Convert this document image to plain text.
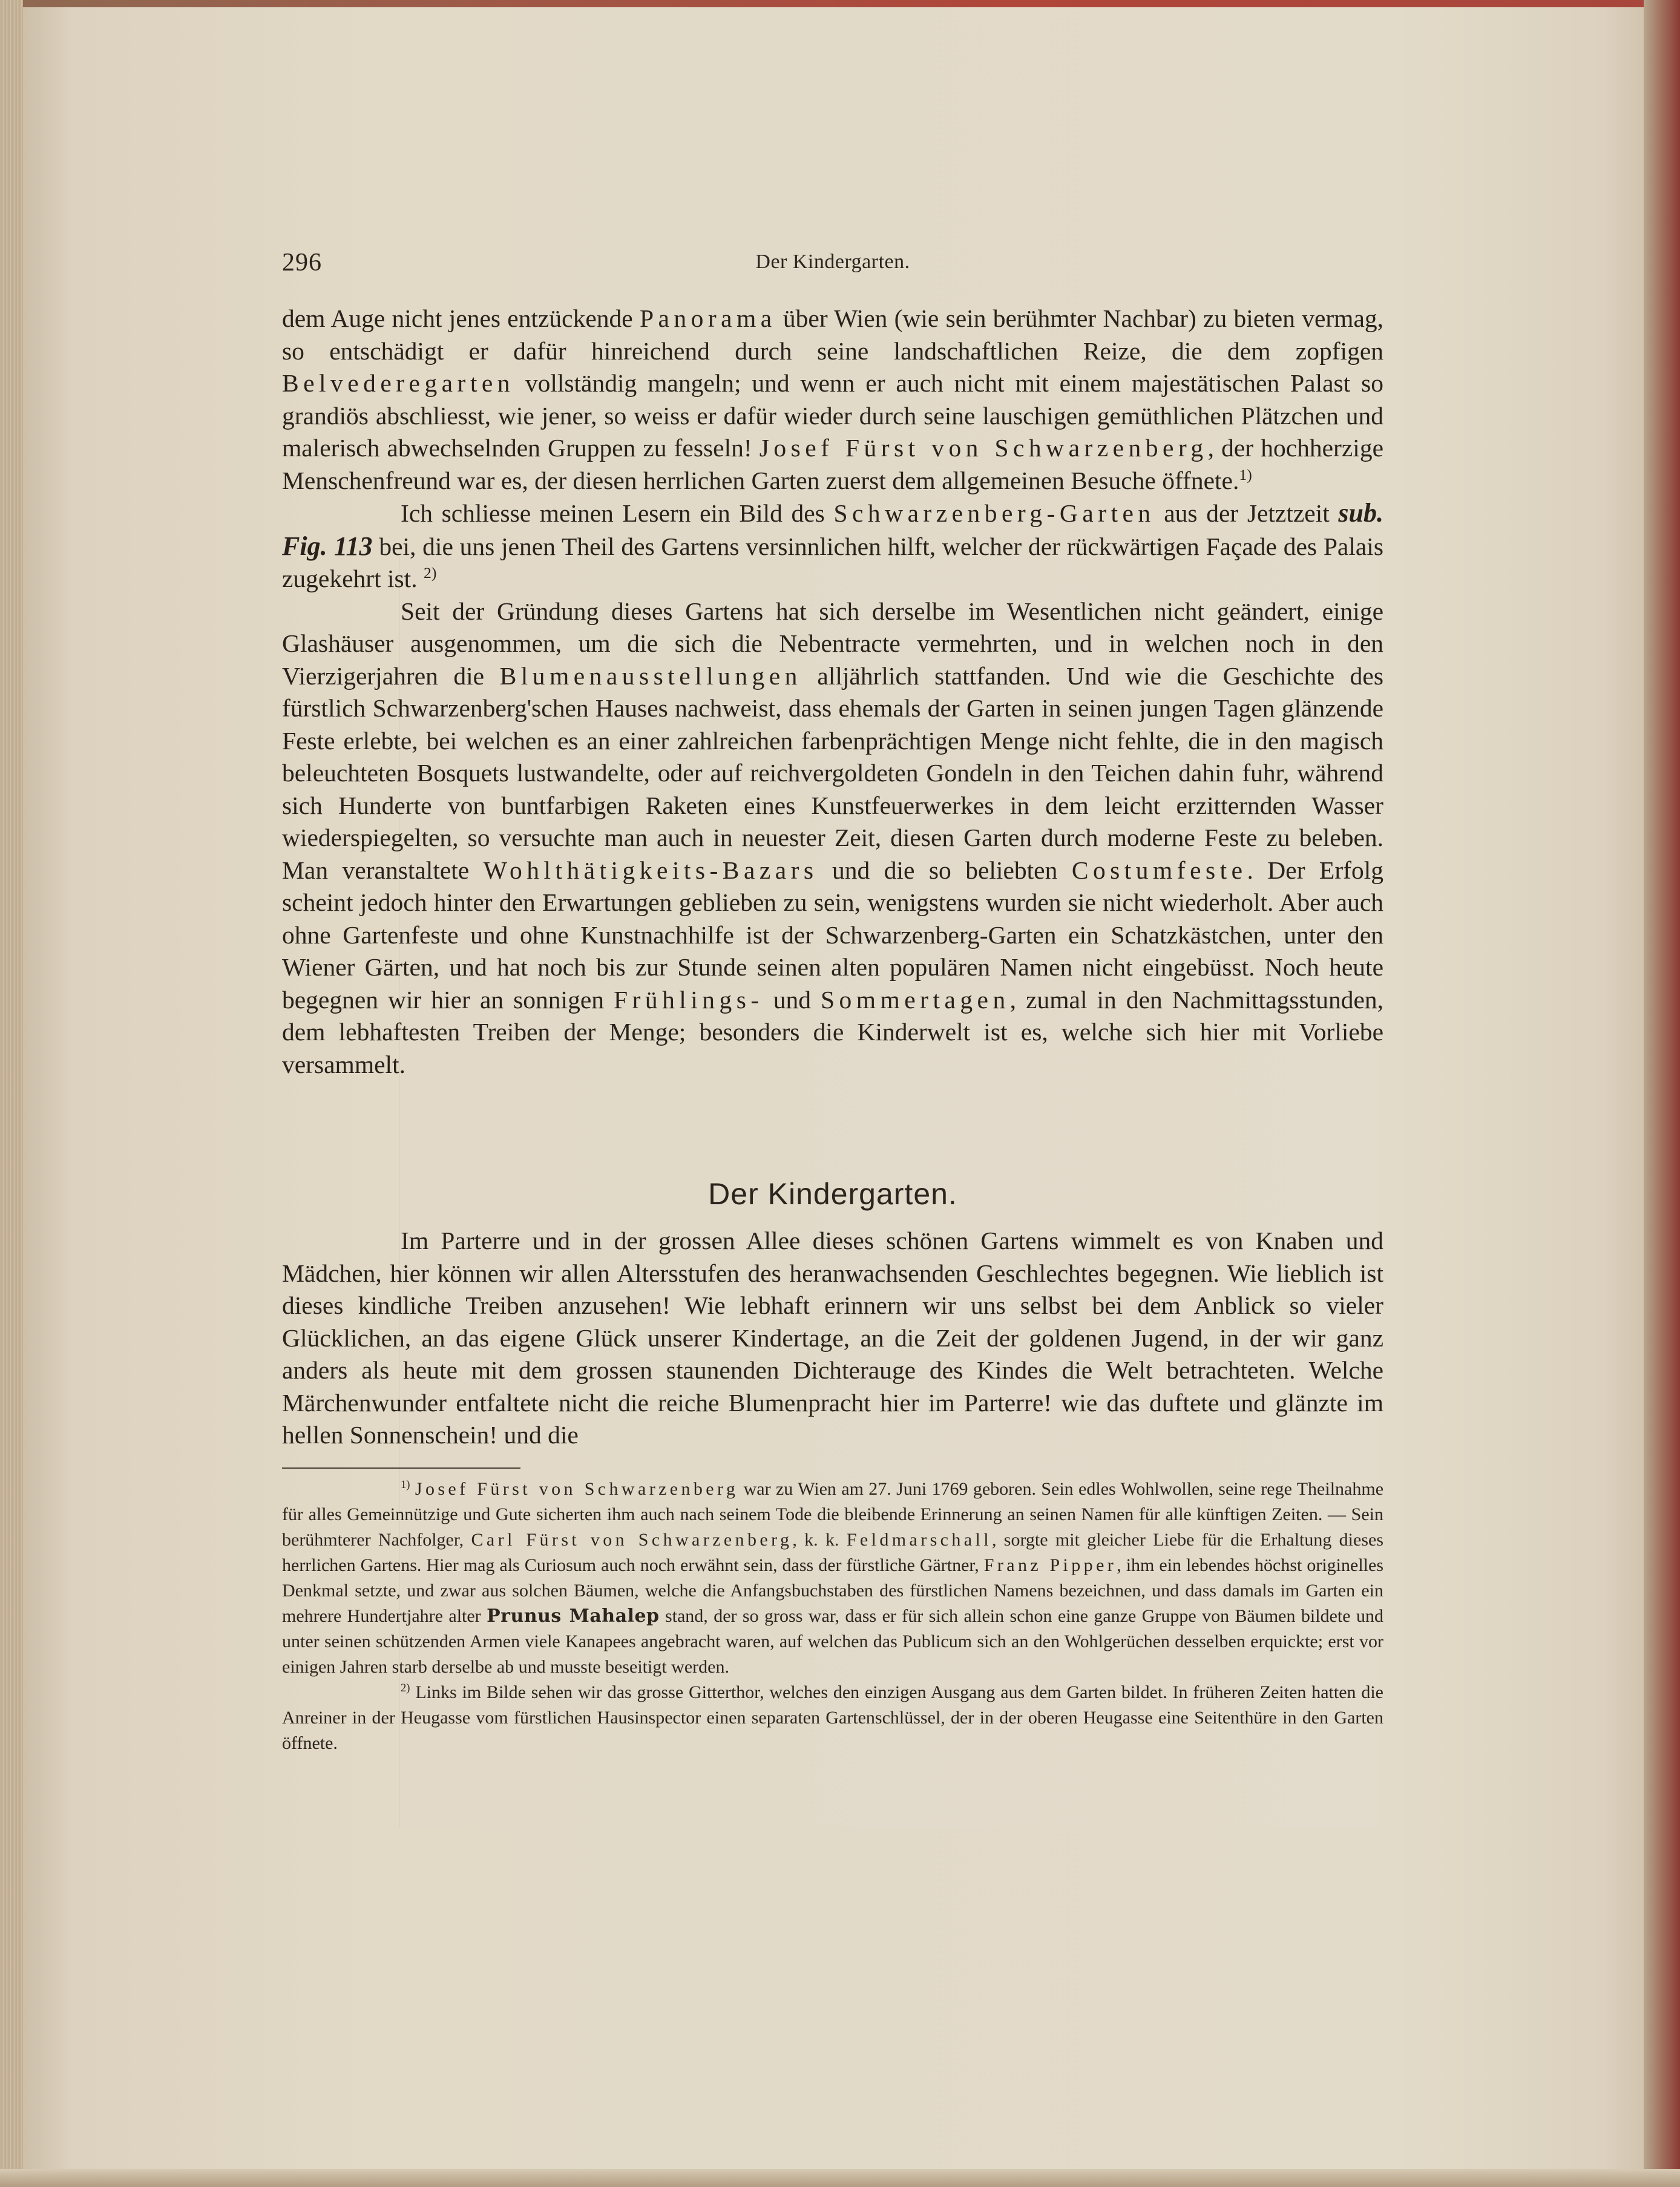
296	Der Kindergarten.

dem Auge nicht jenes entzückende Panorama über Wien (wie sein berühmter Nachbar) zu bieten vermag, so entschädigt er dafür hinreichend durch seine landschaftlichen Reize, die dem zopfigen Belvederegarten vollständig mangeln; und wenn er auch nicht mit einem majestätischen Palast so grandiös abschliesst, wie jener, so weiss er dafür wieder durch seine lauschigen gemüthlichen Plätzchen und malerisch abwechselnden Gruppen zu fesseln! Josef Fürst von Schwarzenberg, der hochherzige Menschenfreund war es, der diesen herrlichen Garten zuerst dem allgemeinen Besuche öffnete.$^{1)}$

Ich schliesse meinen Lesern ein Bild des Schwarzenberg-Garten aus der Jetztzeit sub. Fig. 113 bei, die uns jenen Theil des Gartens versinnlichen hilft, welcher der rückwärtigen Façade des Palais zugekehrt ist. $^{2)}$

Seit der Gründung dieses Gartens hat sich derselbe im Wesentlichen nicht geändert, einige Glashäuser ausgenommen, um die sich die Nebentracte vermehrten, und in welchen noch in den Vierzigerjahren die Blumenausstellungen alljährlich stattfanden. Und wie die Geschichte des fürstlich Schwarzenberg'schen Hauses nachweist, dass ehemals der Garten in seinen jungen Tagen glänzende Feste erlebte, bei welchen es an einer zahlreichen farbenprächtigen Menge nicht fehlte, die in den magisch beleuchteten Bosquets lustwandelte, oder auf reichvergoldeten Gondeln in den Teichen dahin fuhr, während sich Hunderte von buntfarbigen Raketen eines Kunstfeuerwerkes in dem leicht erzitternden Wasser wiederspiegelten, so versuchte man auch in neuester Zeit, diesen Garten durch moderne Feste zu beleben. Man veranstaltete Wohlthätigkeits-Bazars und die so beliebten Costumfeste. Der Erfolg scheint jedoch hinter den Erwartungen geblieben zu sein, wenigstens wurden sie nicht wiederholt. Aber auch ohne Gartenfeste und ohne Kunstnachhilfe ist der Schwarzenberg-Garten ein Schatzkästchen, unter den Wiener Gärten, und hat noch bis zur Stunde seinen alten populären Namen nicht eingebüsst. Noch heute begegnen wir hier an sonnigen Frühlings- und Sommertagen, zumal in den Nachmittagsstunden, dem lebhaftesten Treiben der Menge; besonders die Kinderwelt ist es, welche sich hier mit Vorliebe versammelt.

Der Kindergarten.

Im Parterre und in der grossen Allee dieses schönen Gartens wimmelt es von Knaben und Mädchen, hier können wir allen Altersstufen des heranwachsenden Geschlechtes begegnen. Wie lieblich ist dieses kindliche Treiben anzusehen! Wie lebhaft erinnern wir uns selbst bei dem Anblick so vieler Glücklichen, an das eigene Glück unserer Kindertage, an die Zeit der goldenen Jugend, in der wir ganz anders als heute mit dem grossen staunenden Dichterauge des Kindes die Welt betrachteten. Welche Märchenwunder entfaltete nicht die reiche Blumenpracht hier im Parterre! wie das duftete und glänzte im hellen Sonnenschein! und die

$^{1)}$ Josef Fürst von Schwarzenberg war zu Wien am 27. Juni 1769 geboren. Sein edles Wohlwollen, seine rege Theilnahme für alles Gemeinnützige und Gute sicherten ihm auch nach seinem Tode die bleibende Erinnerung an seinen Namen für alle künftigen Zeiten. — Sein berühmterer Nachfolger, Carl Fürst von Schwarzenberg, k. k. Feldmarschall, sorgte mit gleicher Liebe für die Erhaltung dieses herrlichen Gartens. Hier mag als Curiosum auch noch erwähnt sein, dass der fürstliche Gärtner, Franz Pipper, ihm ein lebendes höchst originelles Denkmal setzte, und zwar aus solchen Bäumen, welche die Anfangsbuchstaben des fürstlichen Namens bezeichnen, und dass damals im Garten ein mehrere Hundertjahre alter Prunus Mahalep stand, der so gross war, dass er für sich allein schon eine ganze Gruppe von Bäumen bildete und unter seinen schützenden Armen viele Kanapees angebracht waren, auf welchen das Publicum sich an den Wohlgerüchen desselben erquickte; erst vor einigen Jahren starb derselbe ab und musste beseitigt werden.

$^{2)}$ Links im Bilde sehen wir das grosse Gitterthor, welches den einzigen Ausgang aus dem Garten bildet. In früheren Zeiten hatten die Anreiner in der Heugasse vom fürstlichen Hausinspector einen separaten Gartenschlüssel, der in der oberen Heugasse eine Seitenthüre in den Garten öffnete.
